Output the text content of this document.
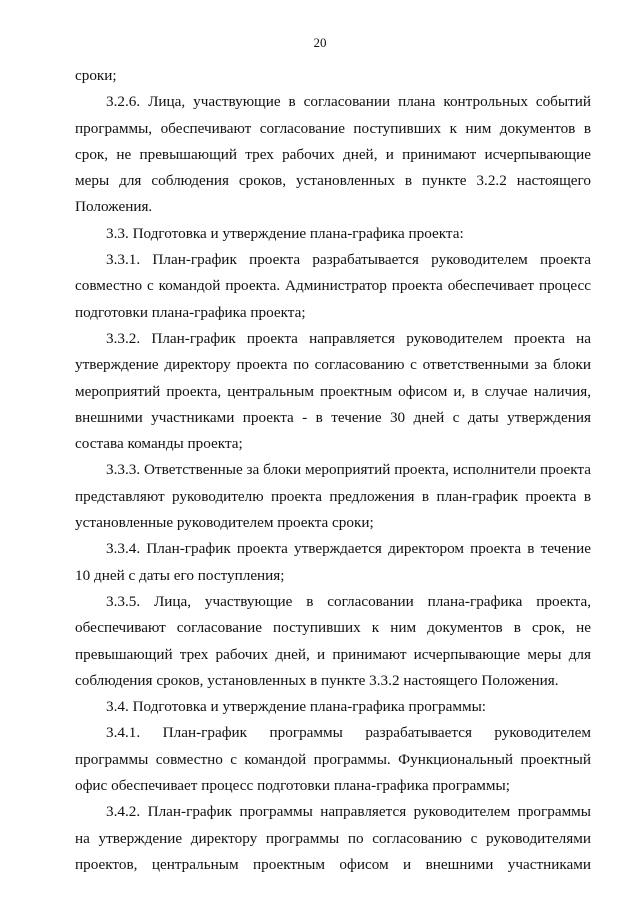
20

сроки;

3.2.6. Лица, участвующие в согласовании плана контрольных событий программы, обеспечивают согласование поступивших к ним документов в срок, не превышающий трех рабочих дней, и принимают исчерпывающие меры для соблюдения сроков, установленных в пункте 3.2.2 настоящего Положения.

3.3. Подготовка и утверждение плана-графика проекта:

3.3.1. План-график проекта разрабатывается руководителем проекта совместно с командой проекта. Администратор проекта обеспечивает процесс подготовки плана-графика проекта;

3.3.2. План-график проекта направляется руководителем проекта на утверждение директору проекта по согласованию с ответственными за блоки мероприятий проекта, центральным проектным офисом и, в случае наличия, внешними участниками проекта - в течение 30 дней с даты утверждения состава команды проекта;

3.3.3. Ответственные за блоки мероприятий проекта, исполнители проекта представляют руководителю проекта предложения в план-график проекта в установленные руководителем проекта сроки;

3.3.4. План-график проекта утверждается директором проекта в течение 10 дней с даты его поступления;

3.3.5. Лица, участвующие в согласовании плана-графика проекта, обеспечивают согласование поступивших к ним документов в срок, не превышающий трех рабочих дней, и принимают исчерпывающие меры для соблюдения сроков, установленных в пункте 3.3.2 настоящего Положения.

3.4. Подготовка и утверждение плана-графика программы:

3.4.1. План-график программы разрабатывается руководителем программы совместно с командой программы. Функциональный проектный офис обеспечивает процесс подготовки плана-графика программы;

3.4.2. План-график программы направляется руководителем программы на утверждение директору программы по согласованию с руководителями проектов, центральным проектным офисом и внешними участниками
